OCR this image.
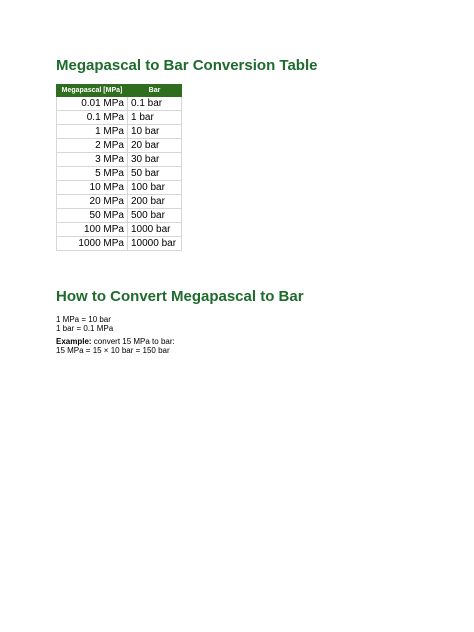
Megapascal to Bar Conversion Table
Megapascal [MPa]	Bar
0.01 MPa	0.1 bar
0.1 MPa	1 bar
1 MPa	10 bar
2 MPa	20 bar
3 MPa	30 bar
5 MPa	50 bar
10 MPa	100 bar
20 MPa	200 bar
50 MPa	500 bar
100 MPa	1000 bar
1000 MPa	10000 bar
How to Convert Megapascal to Bar
1 MPa = 10 bar
1 bar = 0.1 MPa
Example: convert 15 MPa to bar:
15 MPa = 15 × 10 bar = 150 bar
